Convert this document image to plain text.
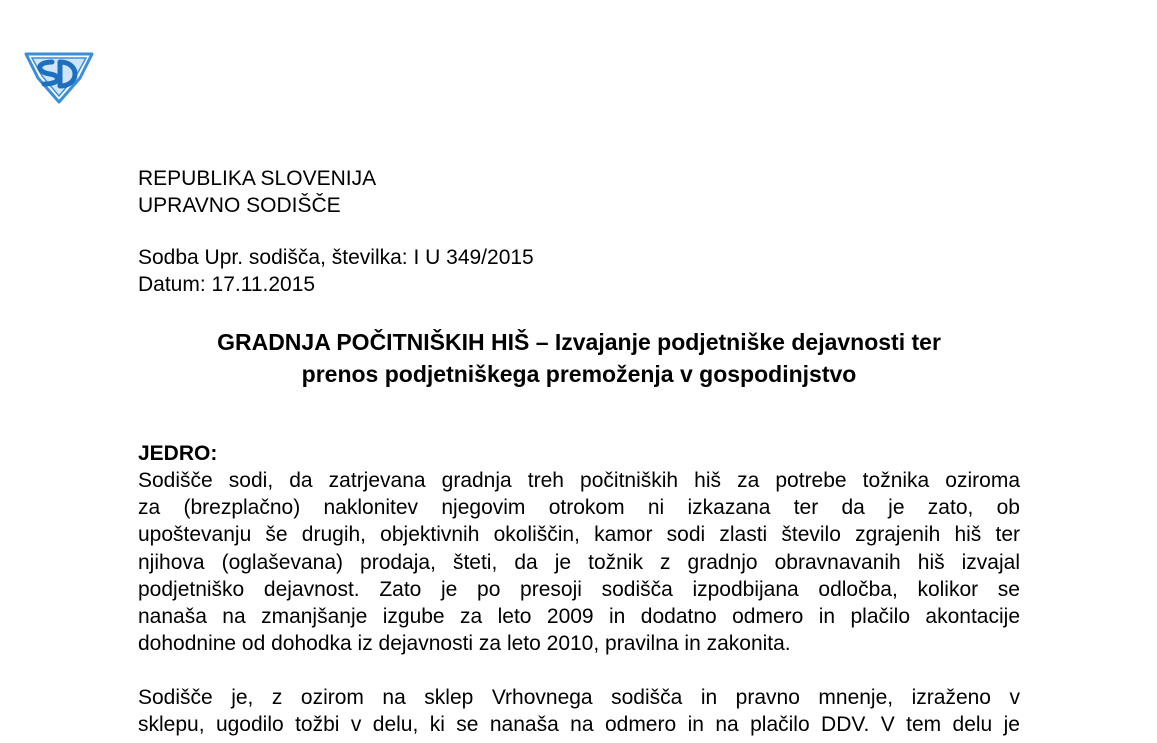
REPUBLIKA SLOVENIJA
UPRAVNO SODIŠČE
Sodba Upr. sodišča, številka: I U 349/2015
Datum: 17.11.2015
GRADNJA POČITNIŠKIH HIŠ – Izvajanje podjetniške dejavnosti ter
prenos podjetniškega premoženja v gospodinjstvo
JEDRO:
Sodišče sodi, da zatrjevana gradnja treh počitniških hiš za potrebe tožnika oziroma
za (brezplačno) naklonitev njegovim otrokom ni izkazana ter da je zato, ob
upoštevanju še drugih, objektivnih okoliščin, kamor sodi zlasti število zgrajenih hiš ter
njihova (oglaševana) prodaja, šteti, da je tožnik z gradnjo obravnavanih hiš izvajal
podjetniško dejavnost. Zato je po presoji sodišča izpodbijana odločba, kolikor se
nanaša na zmanjšanje izgube za leto 2009 in dodatno odmero in plačilo akontacije
dohodnine od dohodka iz dejavnosti za leto 2010, pravilna in zakonita.
Sodišče je, z ozirom na sklep Vrhovnega sodišča in pravno mnenje, izraženo v
sklepu, ugodilo tožbi v delu, ki se nanaša na odmero in na plačilo DDV. V tem delu je
